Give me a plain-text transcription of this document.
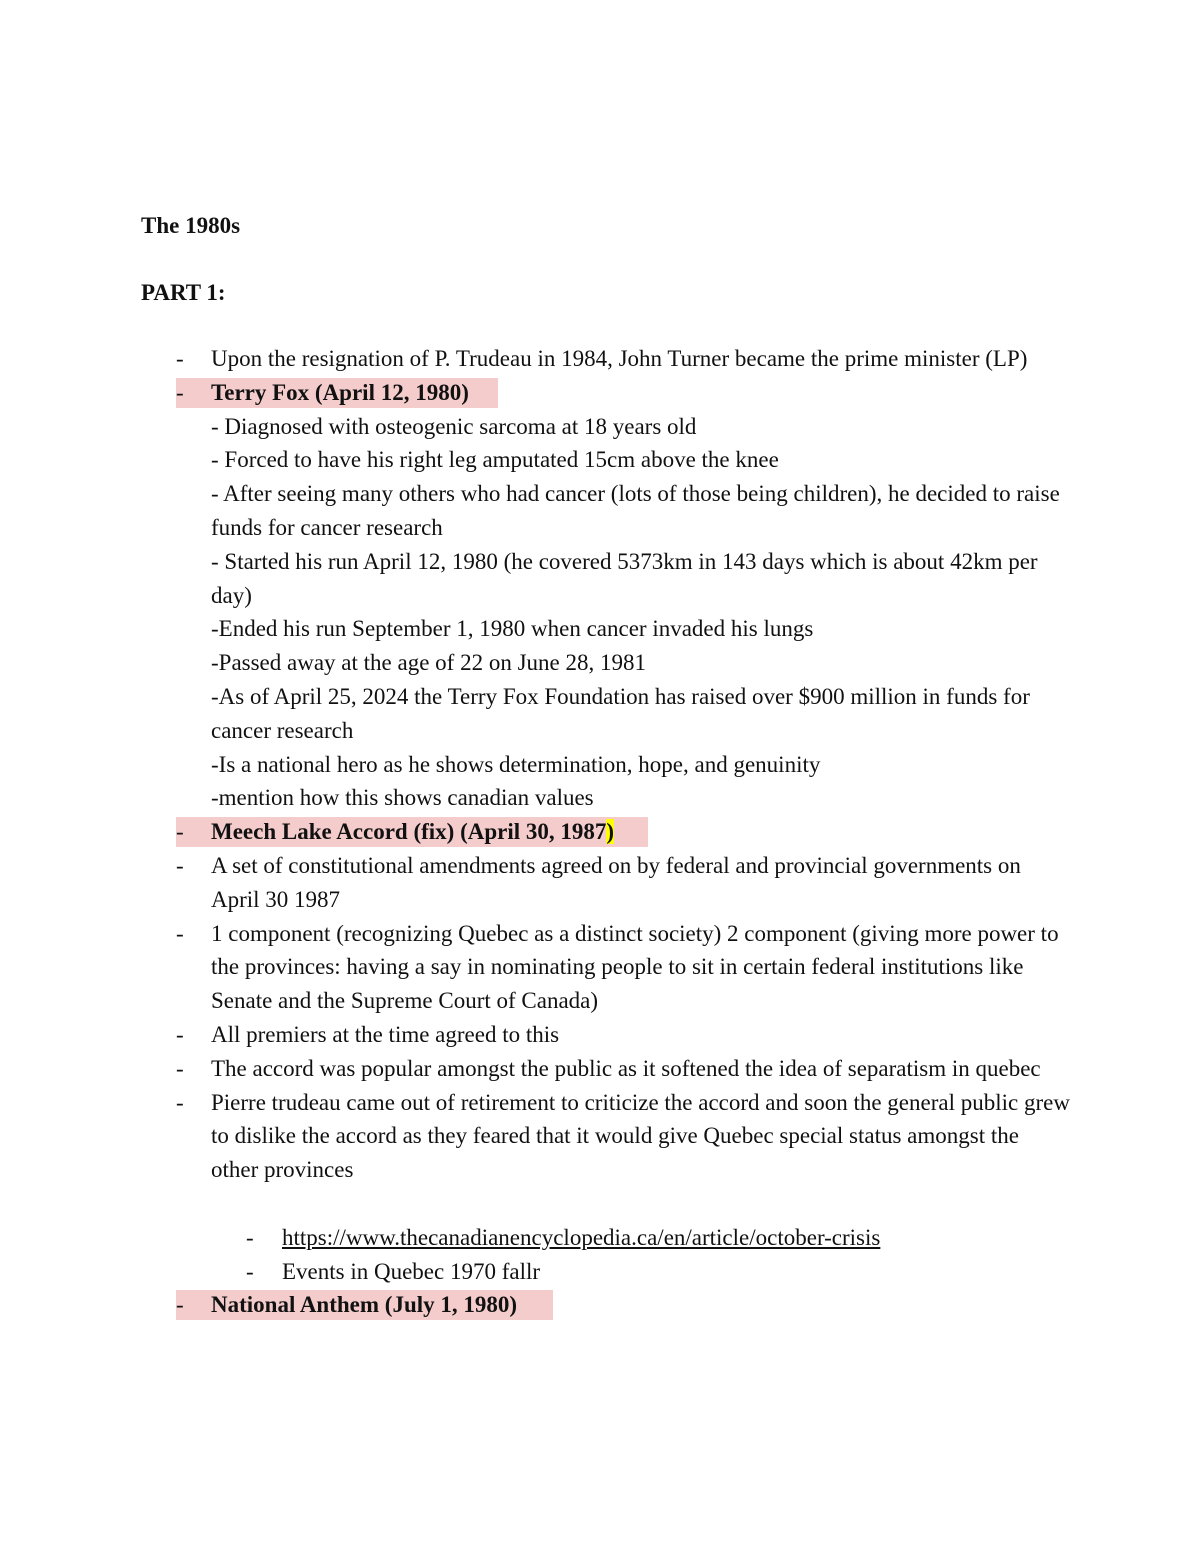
The 1980s
PART 1:
- Upon the resignation of P. Trudeau in 1984, John Turner became the prime minister (LP)
- Terry Fox (April 12, 1980)
- Diagnosed with osteogenic sarcoma at 18 years old
- Forced to have his right leg amputated 15cm above the knee
- After seeing many others who had cancer (lots of those being children), he decided to raise funds for cancer research
- Started his run April 12, 1980 (he covered 5373km in 143 days which is about 42km per day)
-Ended his run September 1, 1980 when cancer invaded his lungs
-Passed away at the age of 22 on June 28, 1981
-As of April 25, 2024 the Terry Fox Foundation has raised over $900 million in funds for cancer research
-Is a national hero as he shows determination, hope, and genuinity
-mention how this shows canadian values
- Meech Lake Accord (fix) (April 30, 1987)
- A set of constitutional amendments agreed on by federal and provincial governments on April 30 1987
- 1 component (recognizing Quebec as a distinct society) 2 component (giving more power to the provinces: having a say in nominating people to sit in certain federal institutions like Senate and the Supreme Court of Canada)
- All premiers at the time agreed to this
- The accord was popular amongst the public as it softened the idea of separatism in quebec
- Pierre trudeau came out of retirement to criticize the accord and soon the general public grew to dislike the accord as they feared that it would give Quebec special status amongst the other provinces
- https://www.thecanadianencyclopedia.ca/en/article/october-crisis
- Events in Quebec 1970 fallr
- National Anthem (July 1, 1980)
